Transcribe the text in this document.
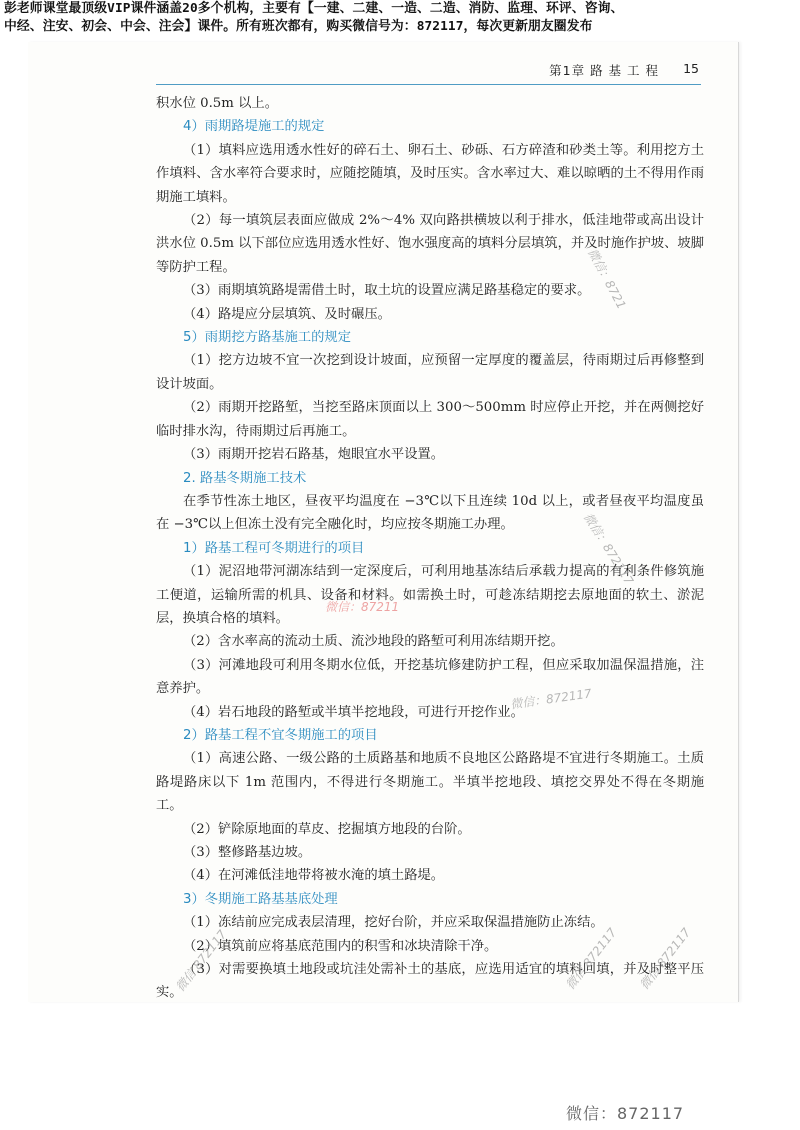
彭老师课堂最顶级VIP课件涵盖20多个机构，主要有【一建、二建、一造、二造、消防、监理、环评、咨询、
中经、注安、初会、中会、注会】课件。所有班次都有，购买微信号为：872117，每次更新朋友圈发布
第1章 路 基 工 程 15

积水位 0.5m 以上。

4）雨期路堤施工的规定

（1）填料应选用透水性好的碎石土、卵石土、砂砾、石方碎渣和砂类土等。利用挖方土作填料、含水率符合要求时，应随挖随填，及时压实。含水率过大、难以晾晒的土不得用作雨期施工填料。

（2）每一填筑层表面应做成 2%～4% 双向路拱横坡以利于排水，低洼地带或高出设计洪水位 0.5m 以下部位应选用透水性好、饱水强度高的填料分层填筑，并及时施作护坡、坡脚等防护工程。

（3）雨期填筑路堤需借土时，取土坑的设置应满足路基稳定的要求。

（4）路堤应分层填筑、及时碾压。

5）雨期挖方路基施工的规定

（1）挖方边坡不宜一次挖到设计坡面，应预留一定厚度的覆盖层，待雨期过后再修整到设计坡面。

（2）雨期开挖路堑，当挖至路床顶面以上 300～500mm 时应停止开挖，并在两侧挖好临时排水沟，待雨期过后再施工。

（3）雨期开挖岩石路基，炮眼宜水平设置。

2. 路基冬期施工技术

在季节性冻土地区，昼夜平均温度在 −3℃以下且连续 10d 以上，或者昼夜平均温度虽在 −3℃以上但冻土没有完全融化时，均应按冬期施工办理。

1）路基工程可冬期进行的项目

（1）泥沼地带河湖冻结到一定深度后，可利用地基冻结后承载力提高的有利条件修筑施工便道，运输所需的机具、设备和材料。如需换土时，可趁冻结期挖去原地面的软土、淤泥层，换填合格的填料。

（2）含水率高的流动土质、流沙地段的路堑可利用冻结期开挖。

（3）河滩地段可利用冬期水位低，开挖基坑修建防护工程，但应采取加温保温措施，注意养护。

（4）岩石地段的路堑或半填半挖地段，可进行开挖作业。

2）路基工程不宜冬期施工的项目

（1）高速公路、一级公路的土质路基和地质不良地区公路路堤不宜进行冬期施工。土质路堤路床以下 1m 范围内，不得进行冬期施工。半填半挖地段、填挖交界处不得在冬期施工。

（2）铲除原地面的草皮、挖掘填方地段的台阶。

（3）整修路基边坡。

（4）在河滩低洼地带将被水淹的填土路堤。

3）冬期施工路基基底处理

（1）冻结前应完成表层清理，挖好台阶，并应采取保温措施防止冻结。

（2）填筑前应将基底范围内的积雪和冰块清除干净。

（3）对需要换填土地段或坑洼处需补土的基底，应选用适宜的填料回填，并及时整平压实。

微信：8721
微信：872117
微信：87211
微信：872117
微信 872117	微信 872117 微信 872117
微信：872117
